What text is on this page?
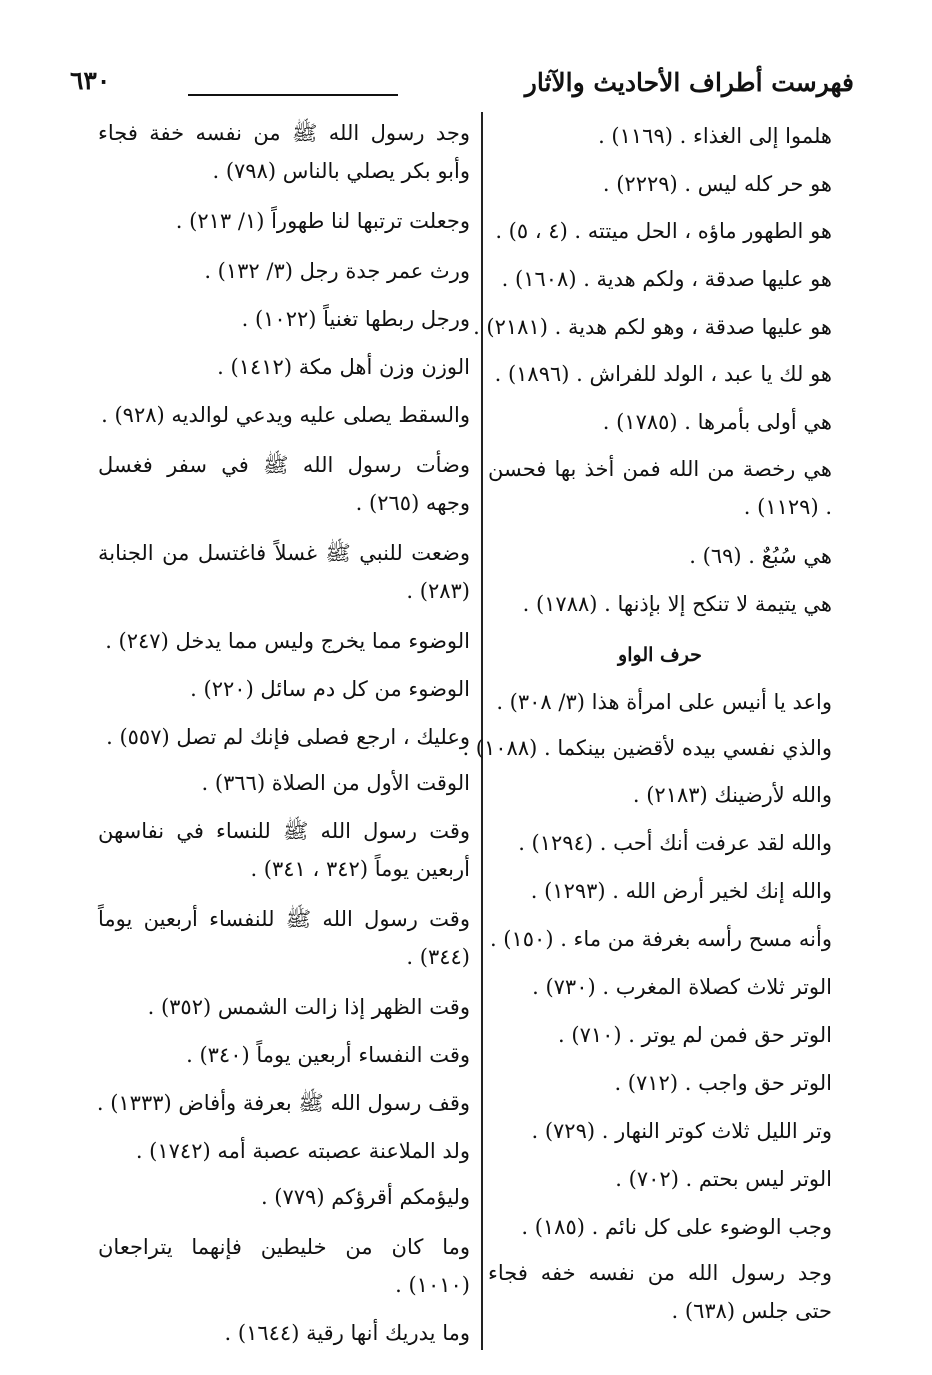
فهرست أطراف الأحاديث والآثار
٦٣٠
هلموا إلى الغذاء . (١١٦٩) .
هو حر كله ليس . (٢٢٢٩) .
هو الطهور ماؤه ، الحل ميتته . (٤ ، ٥) .
هو عليها صدقة ، ولكم هدية . (١٦٠٨) .
هو عليها صدقة ، وهو لكم هدية . (٢١٨١) .
هو لك يا عبد ، الولد للفراش . (١٨٩٦) .
هي أولى بأمرها . (١٧٨٥) .
هي رخصة من الله فمن أخذ بها فحسن . (١١٢٩) .
هي سُبُعٌ . (٦٩) .
هي يتيمة لا تنكح إلا بإذنها . (١٧٨٨) .
حرف الواو
واعد يا أنيس على امرأة هذا (٣/ ٣٠٨) .
والذي نفسي بيده لأقضين بينكما . (١٠٨٨) .
والله لأرضينك (٢١٨٣) .
والله لقد عرفت أنك أحب . (١٢٩٤) .
والله إنك لخير أرض الله . (١٢٩٣) .
وأنه مسح رأسه بغرفة من ماء . (١٥٠) .
الوتر ثلاث كصلاة المغرب . (٧٣٠) .
الوتر حق فمن لم يوتر . (٧١٠) .
الوتر حق واجب . (٧١٢) .
وتر الليل ثلاث كوتر النهار . (٧٢٩) .
الوتر ليس بحتم . (٧٠٢) .
وجب الوضوء على كل نائم . (١٨٥) .
وجد رسول الله من نفسه خفه فجاء حتى جلس (٦٣٨) .
وجد رسول الله ﷺ من نفسه خفة فجاء وأبو بكر يصلي بالناس (٧٩٨) .
وجعلت ترتبها لنا طهوراً (١/ ٢١٣) .
ورث عمر جدة رجل (٣/ ١٣٢) .
ورجل ربطها تغنياً (١٠٢٢) .
الوزن وزن أهل مكة (١٤١٢) .
والسقط يصلى عليه ويدعي لوالديه (٩٢٨) .
وضأت رسول الله ﷺ في سفر فغسل وجهه (٢٦٥) .
وضعت للنبي ﷺ غسلاً فاغتسل من الجنابة (٢٨٣) .
الوضوء مما يخرج وليس مما يدخل (٢٤٧) .
الوضوء من كل دم سائل (٢٢٠) .
وعليك ، ارجع فصلى فإنك لم تصل (٥٥٧) .
الوقت الأول من الصلاة (٣٦٦) .
وقت رسول الله ﷺ للنساء في نفاسهن أربعين يوماً (٣٤٢ ، ٣٤١) .
وقت رسول الله ﷺ للنفساء أربعين يوماً (٣٤٤) .
وقت الظهر إذا زالت الشمس (٣٥٢) .
وقت النفساء أربعين يوماً (٣٤٠) .
وقف رسول الله ﷺ بعرفة وأفاض (١٣٣٣) .
ولد الملاعنة عصبته عصبة أمه (١٧٤٢) .
وليؤمكم أقرؤكم (٧٧٩) .
وما كان من خليطين فإنهما يتراجعان (١٠١٠) .
وما يدريك أنها رقية (١٦٤٤) .
